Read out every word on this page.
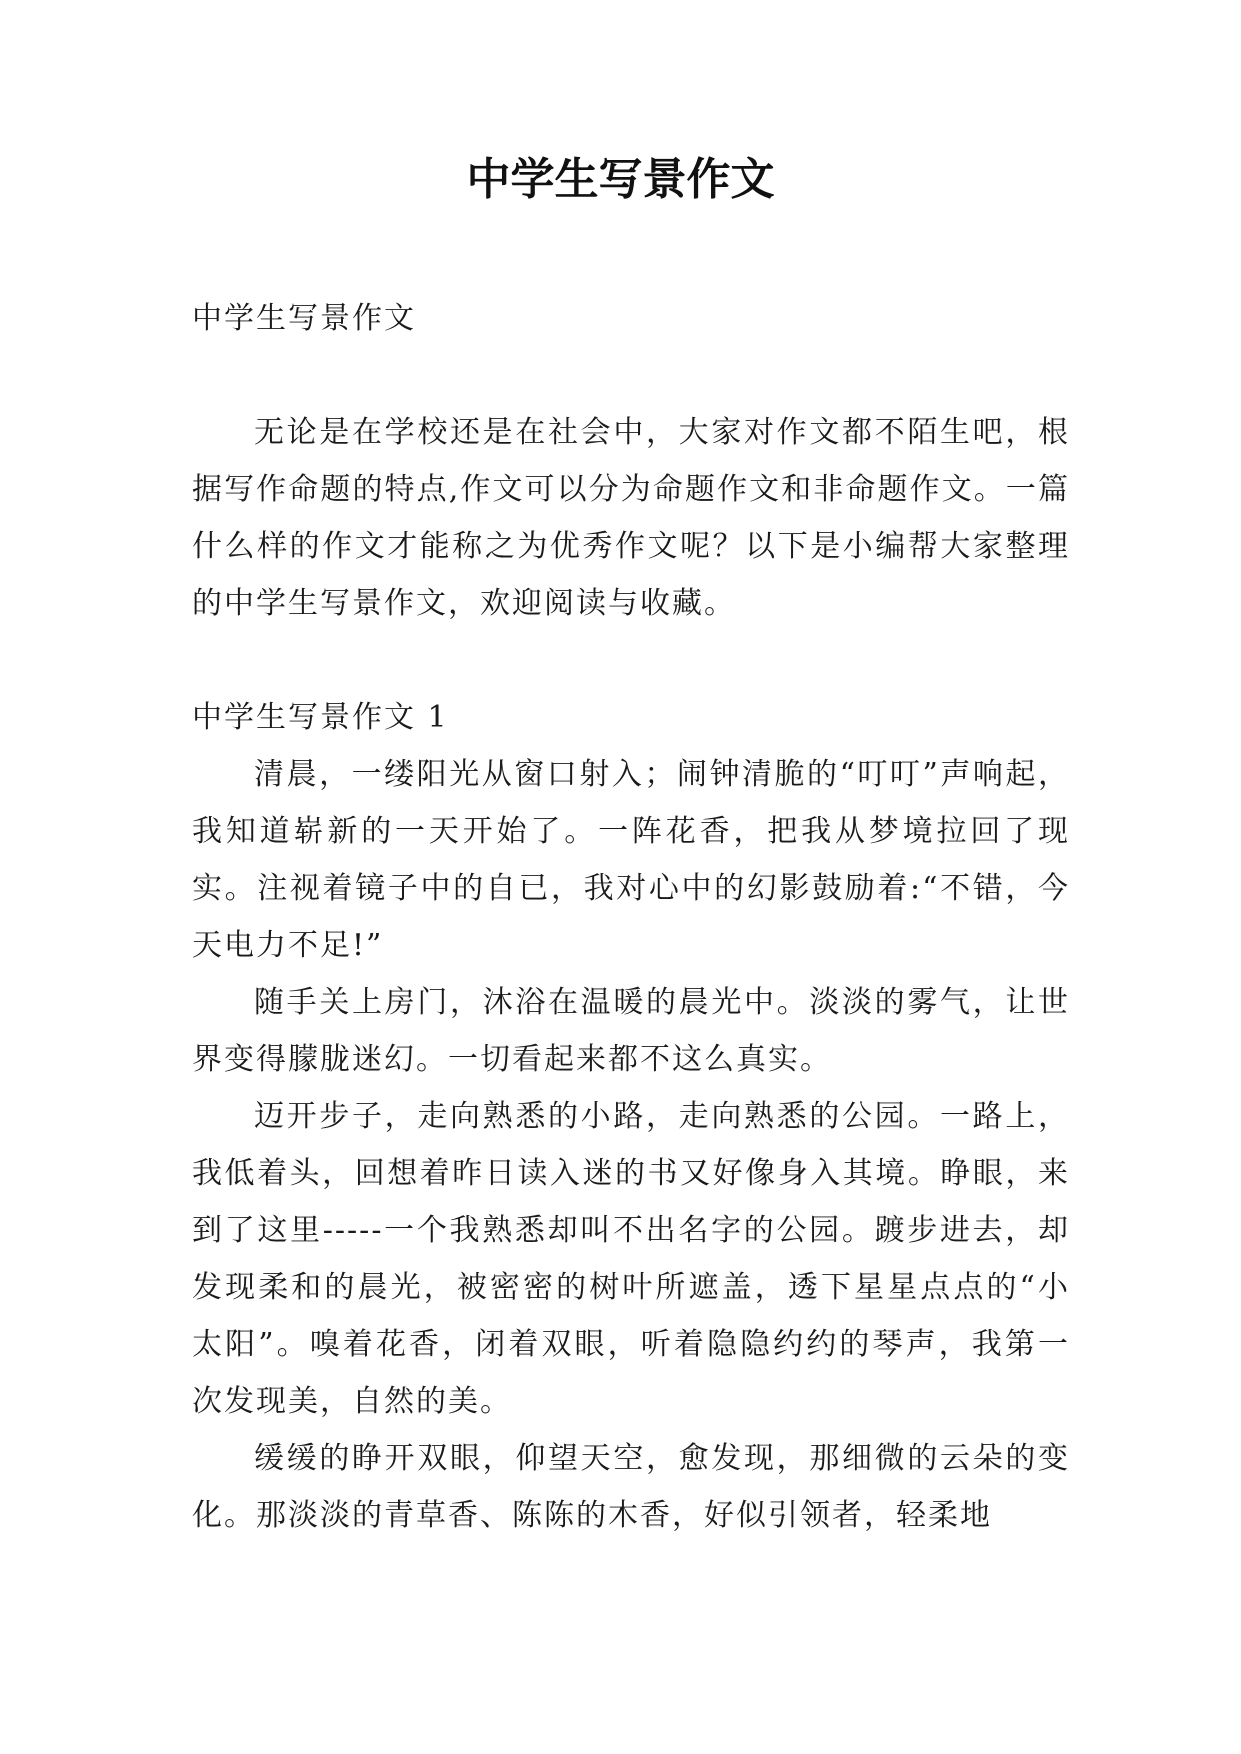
中学生写景作文

中学生写景作文

无论是在学校还是在社会中，大家对作文都不陌生吧，根据写作命题的特点,作文可以分为命题作文和非命题作文。一篇什么样的作文才能称之为优秀作文呢？以下是小编帮大家整理的中学生写景作文，欢迎阅读与收藏。

中学生写景作文 1

清晨，一缕阳光从窗口射入；闹钟清脆的“叮叮”声响起，我知道崭新的一天开始了。一阵花香，把我从梦境拉回了现实。注视着镜子中的自已，我对心中的幻影鼓励着:“不错，今天电力不足!”

随手关上房门，沐浴在温暖的晨光中。淡淡的雾气，让世界变得朦胧迷幻。一切看起来都不这么真实。

迈开步子，走向熟悉的小路，走向熟悉的公园。一路上，我低着头，回想着昨日读入迷的书又好像身入其境。睁眼，来到了这里-----一个我熟悉却叫不出名字的公园。踱步进去，却发现柔和的晨光，被密密的树叶所遮盖，透下星星点点的“小太阳”。嗅着花香，闭着双眼，听着隐隐约约的琴声，我第一次发现美，自然的美。

缓缓的睁开双眼，仰望天空，愈发现，那细微的云朵的变化。那淡淡的青草香、陈陈的木香，好似引领者，轻柔地
